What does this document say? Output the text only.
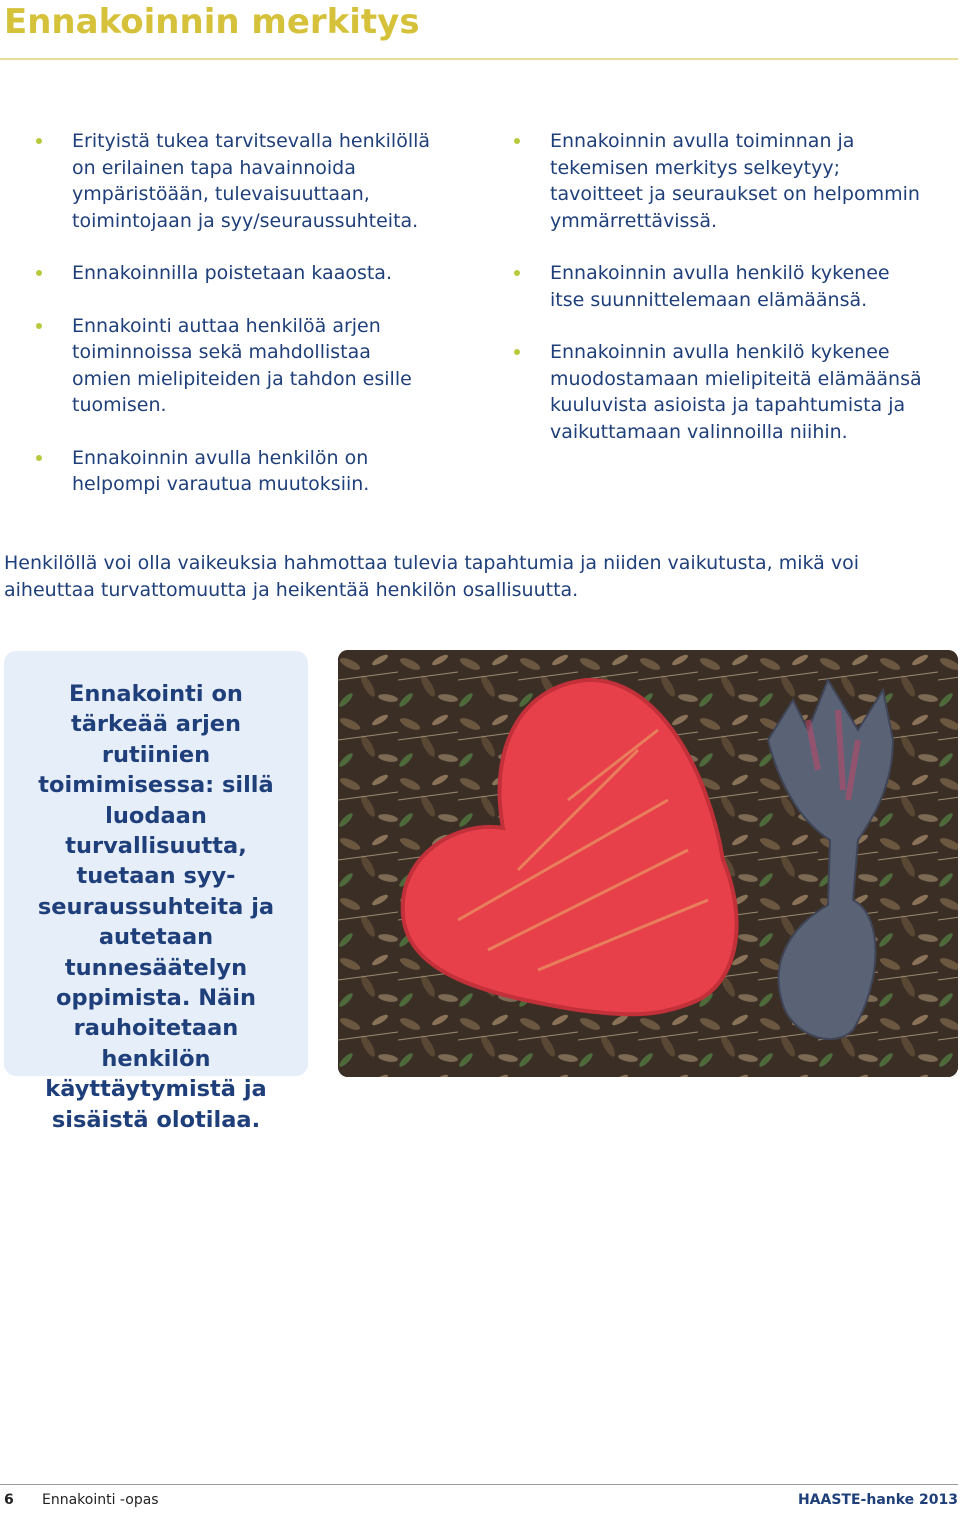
Ennakoinnin merkitys
Erityistä tukea tarvitsevalla henkilöllä on erilainen tapa havainnoida ympäristöään, tulevaisuuttaan, toimintojaan ja syy/seuraussuhteita.
Ennakoinnilla poistetaan kaaosta.
Ennakointi auttaa henkilöä arjen toiminnoissa sekä mahdollistaa omien mielipiteiden ja tahdon esille tuomisen.
Ennakoinnin avulla henkilön on helpompi varautua muutoksiin.
Ennakoinnin avulla toiminnan ja tekemisen merkitys selkeytyy; tavoitteet ja seuraukset on helpommin ymmärrettävissä.
Ennakoinnin avulla henkilö kykenee itse suunnittelemaan elämäänsä.
Ennakoinnin avulla henkilö kykenee muodostamaan mielipiteitä elämäänsä kuuluvista asioista ja tapahtumista ja vaikuttamaan valinnoilla niihin.

Henkilöllä voi olla vaikeuksia hahmottaa tulevia tapahtumia ja niiden vaikutusta, mikä voi aiheuttaa turvattomuutta ja heikentää henkilön osallisuutta.

Ennakointi on tärkeää arjen rutiinien toimimisessa: sillä luodaan turvallisuutta, tuetaan syy-seuraussuhteita ja autetaan tunnesäätelyn oppimista. Näin rauhoitetaan henkilön käyttäytymistä ja sisäistä olotilaa.

6 Ennakointi -opas	HAASTE-hanke 2013
